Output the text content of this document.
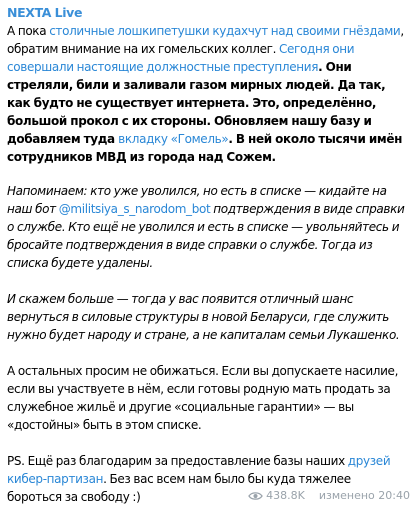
NEXTA Live

А пока столичные лошкипетушки кудахчут над своими гнёздами, обратим внимание на их гомельских коллег. Сегодня они совершали настоящие должностные преступления. Они стреляли, били и заливали газом мирных людей. Да так, как будто не существует интернета. Это, определённо, большой прокол с их стороны. Обновляем нашу базу и добавляем туда вкладку «Гомель». В ней около тысячи имён сотрудников МВД из города над Сожем.

Напоминаем: кто уже уволился, но есть в списке — кидайте на наш бот @militsiya_s_narodom_bot подтверждения в виде справки о службе. Кто ещё не уволился и есть в списке — увольняйтесь и бросайте подтверждения в виде справки о службе. Тогда из списка будете удалены.

И скажем больше — тогда у вас появится отличный шанс вернуться в силовые структуры в новой Беларуси, где служить нужно будет народу и стране, а не капиталам семьи Лукашенко.

А остальных просим не обижаться. Если вы допускаете насилие, если вы участвуете в нём, если готовы родную мать продать за служебное жильё и другие «социальные гарантии» — вы «достойны» быть в этом списке.

PS. Ещё раз благодарим за предоставление базы наших друзей кибер-партизан. Без вас всем нам было бы куда тяжелее бороться за свободу :)	438.8K изменено 20:40
